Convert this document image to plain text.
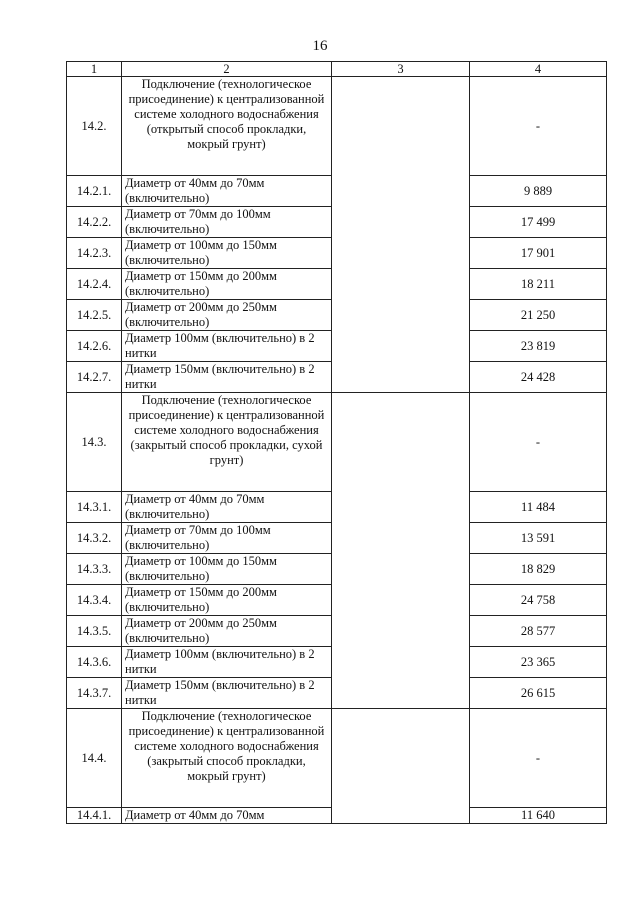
16
1	2	3	4
14.2.	Подключение (технологическое присоединение) к централизованной системе холодного водоснабжения (открытый способ прокладки, мокрый грунт)		-
14.2.1.	Диаметр от 40мм до 70мм (включительно)		9 889
14.2.2.	Диаметр от 70мм до 100мм (включительно)		17 499
14.2.3.	Диаметр от 100мм до 150мм (включительно)		17 901
14.2.4.	Диаметр от 150мм до 200мм (включительно)		18 211
14.2.5.	Диаметр от 200мм до 250мм (включительно)		21 250
14.2.6.	Диаметр 100мм (включительно) в 2 нитки		23 819
14.2.7.	Диаметр 150мм (включительно) в 2 нитки		24 428
14.3.	Подключение (технологическое присоединение) к централизованной системе холодного водоснабжения (закрытый способ прокладки, сухой грунт)		-
14.3.1.	Диаметр от 40мм до 70мм (включительно)		11 484
14.3.2.	Диаметр от 70мм до 100мм (включительно)		13 591
14.3.3.	Диаметр от 100мм до 150мм (включительно)		18 829
14.3.4.	Диаметр от 150мм до 200мм (включительно)		24 758
14.3.5.	Диаметр от 200мм до 250мм (включительно)		28 577
14.3.6.	Диаметр 100мм (включительно) в 2 нитки		23 365
14.3.7.	Диаметр 150мм (включительно) в 2 нитки		26 615
14.4.	Подключение (технологическое присоединение) к централизованной системе холодного водоснабжения (закрытый способ прокладки, мокрый грунт)		-
14.4.1.	Диаметр от 40мм до 70мм		11 640
